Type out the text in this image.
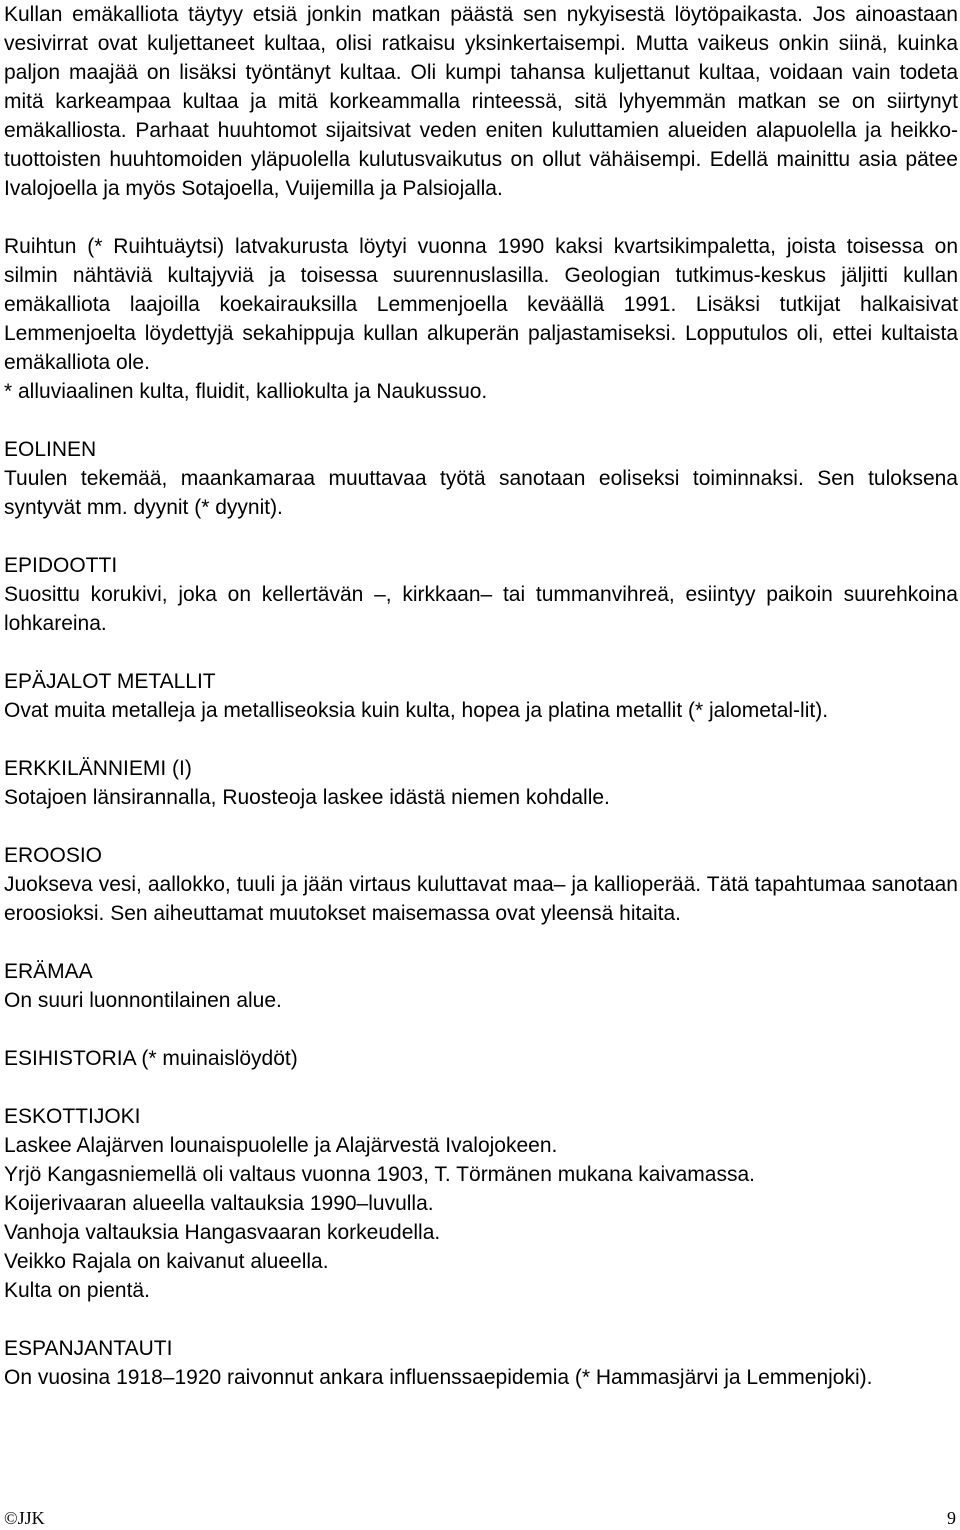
Kullan emäkalliota täytyy etsiä jonkin matkan päästä sen nykyisestä löytöpaikasta. Jos ainoastaan vesivirrat ovat kuljettaneet kultaa, olisi ratkaisu yksinkertaisempi. Mutta vaikeus onkin siinä, kuinka paljon maajää on lisäksi työntänyt kultaa. Oli kumpi tahansa kuljettanut kultaa, voidaan vain todeta mitä karkeampaa kultaa ja mitä korkeammalla rinteessä, sitä lyhyemmän matkan se on siirtynyt emäkalliosta. Parhaat huuhtomot sijaitsivat veden eniten kuluttamien alueiden alapuolella ja heikko-tuottoisten huuhtomoiden yläpuolella kulutusvaikutus on ollut vähäisempi. Edellä mainittu asia pätee Ivalojoella ja myös Sotajoella, Vuijemilla ja Palsiojalla.

Ruihtun (* Ruihtuäytsi) latvakurusta löytyi vuonna 1990 kaksi kvartsikimpaletta, joista toisessa on silmin nähtäviä kultajyviä ja toisessa suurennuslasilla. Geologian tutkimus-keskus jäljitti kullan emäkalliota laajoilla koekairauksilla Lemmenjoella keväällä 1991. Lisäksi tutkijat halkaisivat Lemmenjoelta löydettyjä sekahippuja kullan alkuperän paljastamiseksi. Lopputulos oli, ettei kultaista emäkalliota ole.

* alluviaalinen kulta, fluidit, kalliokulta ja Naukussuo.

EOLINEN

Tuulen tekemää, maankamaraa muuttavaa työtä sanotaan eoliseksi toiminnaksi. Sen tuloksena syntyvät mm. dyynit (* dyynit).

EPIDOOTTI

Suosittu korukivi, joka on kellertävän –, kirkkaan– tai tummanvihreä, esiintyy paikoin suurehkoina lohkareina.

EPÄJALOT METALLIT

Ovat muita metalleja ja metalliseoksia kuin kulta, hopea ja platina metallit (* jalometal-lit).

ERKKILÄNNIEMI (I)

Sotajoen länsirannalla, Ruosteoja laskee idästä niemen kohdalle.

EROOSIO

Juokseva vesi, aallokko, tuuli ja jään virtaus kuluttavat maa– ja kallioperää. Tätä tapahtumaa sanotaan eroosioksi. Sen aiheuttamat muutokset maisemassa ovat yleensä hitaita.

ERÄMAA

On suuri luonnontilainen alue.

ESIHISTORIA (* muinaislöydöt)

ESKOTTIJOKI

Laskee Alajärven lounaispuolelle ja Alajärvestä Ivalojokeen.
Yrjö Kangasniemellä oli valtaus vuonna 1903, T. Törmänen mukana kaivamassa.
Koijerivaaran alueella valtauksia 1990–luvulla.
Vanhoja valtauksia Hangasvaaran korkeudella.
Veikko Rajala on kaivanut alueella.
Kulta on pientä.

ESPANJANTAUTI

On vuosina 1918–1920 raivonnut ankara influenssaepidemia (* Hammasjärvi ja Lemmenjoki).

©JJK	9
